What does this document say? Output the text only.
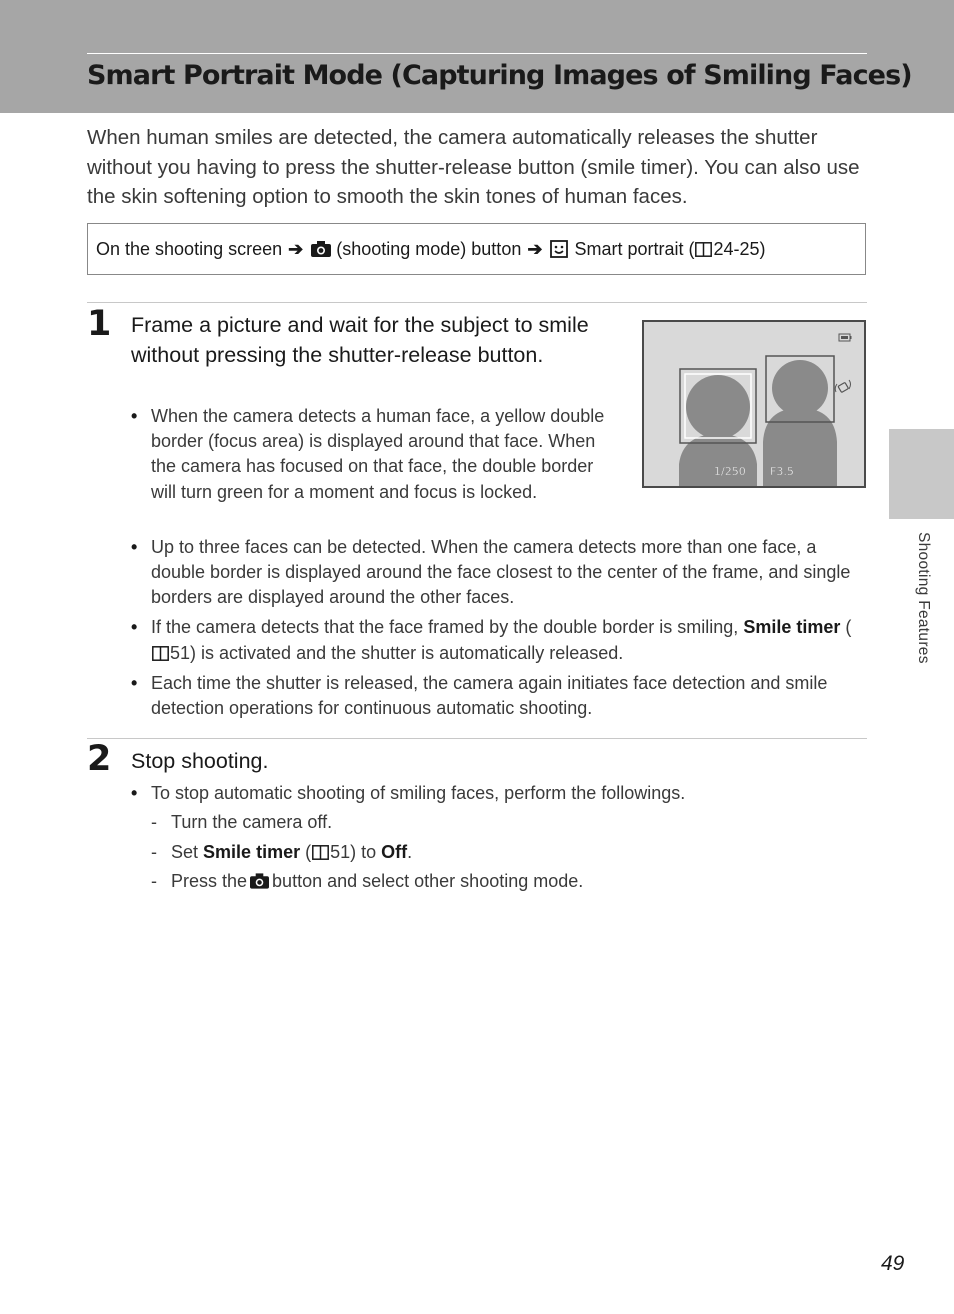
Smart Portrait Mode (Capturing Images of Smiling Faces)

When human smiles are detected, the camera automatically releases the shutter without you having to press the shutter-release button (smile timer). You can also use the skin softening option to smooth the skin tones of human faces.

On the shooting screen ➔ (shooting mode) button ➔ Smart portrait ( 24-25 )
1 Frame a picture and wait for the subject to smile without pressing the shutter-release button.

1/250 F3.5
• When the camera detects a human face, a yellow double border (focus area) is displayed around that face. When the camera has focused on that face, the double border will turn green for a moment and focus is locked.
• Up to three faces can be detected. When the camera detects more than one face, a double border is displayed around the face closest to the center of the frame, and single borders are displayed around the other faces.
• If the camera detects that the face framed by the double border is smiling, Smile timer (51) is activated and the shutter is automatically released.
• Each time the shutter is released, the camera again initiates face detection and smile detection operations for continuous automatic shooting.
2 Stop shooting.

• To stop automatic shooting of smiling faces, perform the followings.
- Turn the camera off.
- Set Smile timer ( 51) to Off.
- Press the button and select other shooting mode.
Shooting Features
49
